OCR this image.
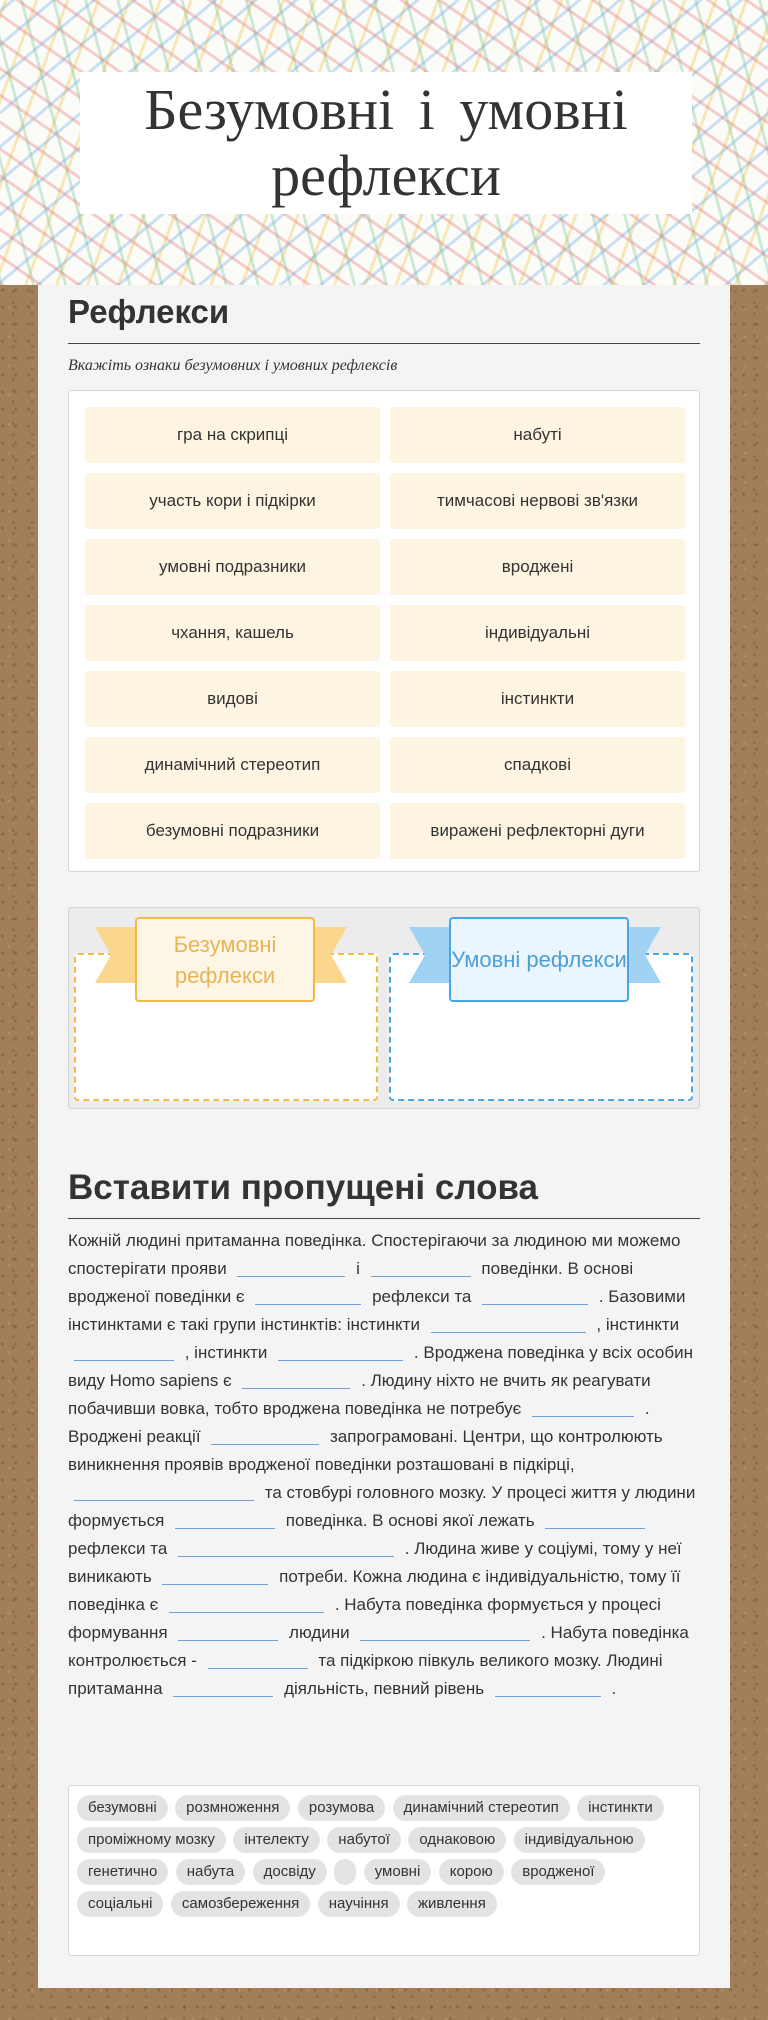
Безумовні і умовні рефлекси
Рефлекси
Вкажіть ознаки безумовних і умовних рефлексів
гра на скрипці	набуті
участь кори і підкірки	тимчасові нервові зв'язки
умовні подразники	вроджені
чхання, кашель	індивідуальні
видові	інстинкти
динамічний стереотип	спадкові
безумовні подразники	виражені рефлекторні дуги
Безумовні рефлекси
Умовні рефлекси
Вставити пропущені слова
Кожній людині притаманна поведінка. Спостерігаючи за людиною ми можемо спостерігати прояви	і	поведінки. В основі вродженої поведінки є	рефлекси та	. Базовими інстинктами є такі групи інстинктів: інстинкти	, інстинкти  , інстинкти	. Вроджена поведінка у всіх особин виду Homo sapiens є	. Людину ніхто не вчить як реагувати побачивши вовка, тобто вроджена поведінка не потребує	. Вроджені реакції	запрограмовані. Центри, що контролюють виникнення проявів вродженої поведінки розташовані в підкірці,  та стовбурі головного мозку. У процесі життя у людини формується	поведінка. В основі якої лежать  рефлекси та	. Людина живе у соціумі, тому у неї виникають	потреби. Кожна людина є індивідуальністю, тому її поведінка є	. Набута поведінка формується у процесі формування	людини	. Набута поведінка контролюється -	та підкіркою півкуль великого мозку. Людині притаманна	діяльність, певний рівень	.
безумовні розмноження розумова динамічний стереотип інстинкти проміжному мозку інтелекту набутої однаковою індивідуальною генетично набута досвіду	умовні корою вродженої соціальні самозбереження научіння живлення
